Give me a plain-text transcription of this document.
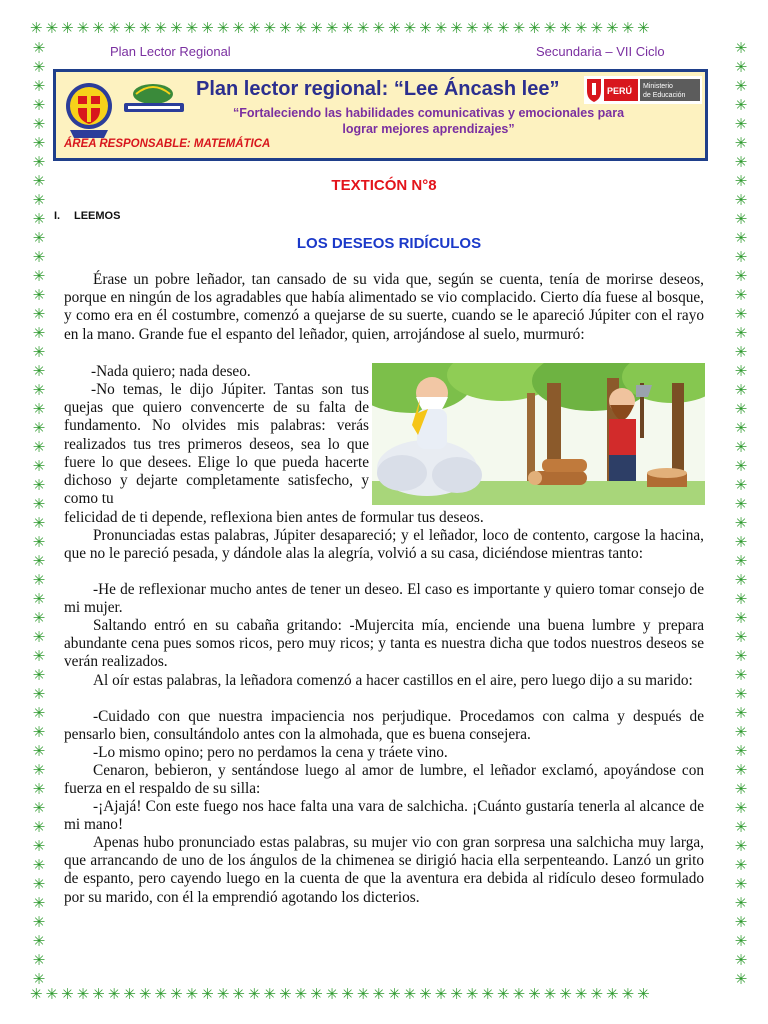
✳✳✳✳✳✳✳✳✳✳✳✳✳✳✳✳✳✳✳✳✳✳✳✳✳✳✳✳✳✳✳✳✳✳✳✳✳✳✳✳
✳✳✳✳✳✳✳✳✳✳✳✳✳✳✳✳✳✳✳✳✳✳✳✳✳✳✳✳✳✳✳✳✳✳✳✳✳✳✳✳
✳✳✳✳✳✳✳✳✳✳✳✳✳✳✳✳✳✳✳✳✳✳✳✳✳✳✳✳✳✳✳✳✳✳✳✳✳✳✳✳✳✳✳✳✳✳✳✳✳✳
✳✳✳✳✳✳✳✳✳✳✳✳✳✳✳✳✳✳✳✳✳✳✳✳✳✳✳✳✳✳✳✳✳✳✳✳✳✳✳✳✳✳✳✳✳✳✳✳✳✳
Plan Lector Regional	Secundaria – VII Ciclo
Plan lector regional: “Lee Áncash lee”
“Fortaleciendo las habilidades comunicativas y emocionales para lograr mejores aprendizajes”
ÁREA RESPONSABLE: MATEMÁTICA
PERÚ Ministerio
de Educación
TEXTICÓN N°8
I. LEEMOS
LOS DESEOS RIDÍCULOS

Érase un pobre leñador, tan cansado de su vida que, según se cuenta, tenía de morirse deseos, porque en ningún de los agradables que había alimentado se vio complacido. Cierto día fuese al bosque, y como era en él costumbre, comenzó a quejarse de su suerte, cuando se le apareció Júpiter con el rayo en la mano. Grande fue el espanto del leñador, quien, arrojándose al suelo, murmuró:

-Nada quiero; nada deseo.

-No temas, le dijo Júpiter. Tantas son tus quejas que quiero convencerte de su falta de fundamento. No olvides mis palabras: verás realizados tus tres primeros deseos, sea lo que fuere lo que desees. Elige lo que pueda hacerte dichoso y dejarte completamente satisfecho, y como tu

felicidad de ti depende, reflexiona bien antes de formular tus deseos.

Pronunciadas estas palabras, Júpiter desapareció; y el leñador, loco de contento, cargose la hacina, que no le pareció pesada, y dándole alas la alegría, volvió a su casa, diciéndose mientras tanto:

-He de reflexionar mucho antes de tener un deseo. El caso es importante y quiero tomar consejo de mi mujer.

Saltando entró en su cabaña gritando: -Mujercita mía, enciende una buena lumbre y prepara abundante cena pues somos ricos, pero muy ricos; y tanta es nuestra dicha que todos nuestros deseos se verán realizados.

Al oír estas palabras, la leñadora comenzó a hacer castillos en el aire, pero luego dijo a su marido:

-Cuidado con que nuestra impaciencia nos perjudique. Procedamos con calma y después de pensarlo bien, consultándolo antes con la almohada, que es buena consejera.

-Lo mismo opino; pero no perdamos la cena y tráete vino.

Cenaron, bebieron, y sentándose luego al amor de lumbre, el leñador exclamó, apoyándose con fuerza en el respaldo de su silla:

-¡Ajajá! Con este fuego nos hace falta una vara de salchicha. ¡Cuánto gustaría tenerla al alcance de mi mano!

Apenas hubo pronunciado estas palabras, su mujer vio con gran sorpresa una salchicha muy larga, que arrancando de uno de los ángulos de la chimenea se dirigió hacia ella serpenteando. Lanzó un grito de espanto, pero cayendo luego en la cuenta de que la aventura era debida al ridículo deseo formulado por su marido, con él la emprendió agotando los dicterios.
